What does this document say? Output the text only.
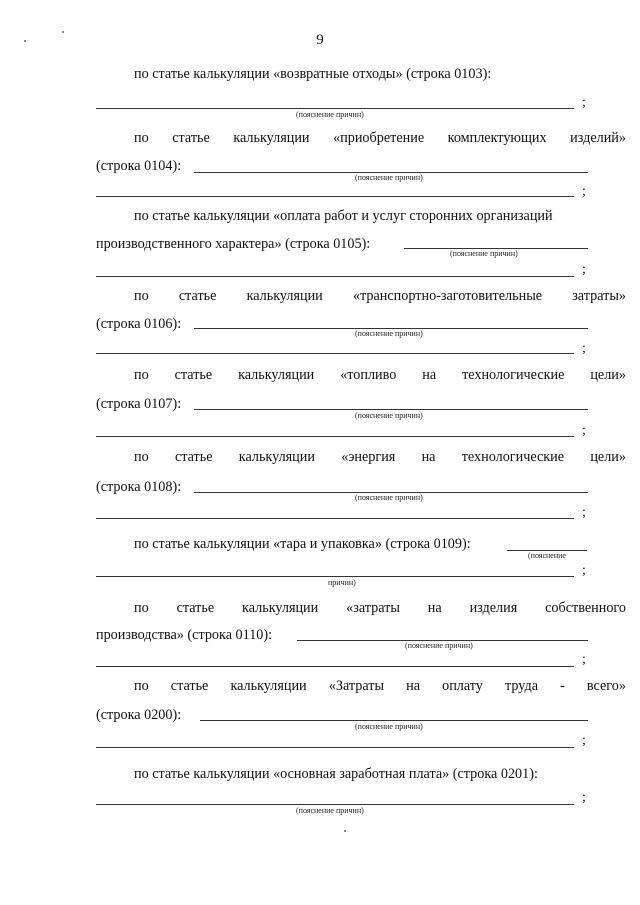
9
по статье калькуляции «возвратные отходы» (строка 0103):
(пояснение причин)
;
по статье калькуляции «приобретение комплектующих изделий»
(строка 0104):
(пояснение причин)
;
по статье калькуляции «оплата работ и услуг сторонних организаций
производственного характера» (строка 0105):
(пояснение причин)
;
по статье калькуляции «транспортно-заготовительные затраты»
(строка 0106):
(пояснение причин)
;
по статье калькуляции «топливо на технологические цели»
(строка 0107):
(пояснение причин)
;
по статье калькуляции «энергия на технологические цели»
(строка 0108):
(пояснение причин)
;
по статье калькуляции «тара и упаковка» (строка 0109):
(пояснение
причин)
;
по статье калькуляции «затраты на изделия собственного
производства» (строка 0110):
(пояснение причин)
;
по статье калькуляции «Затраты на оплату труда - всего»
(строка 0200):
(пояснение причин)
;
по статье калькуляции «основная заработная плата» (строка 0201):
(пояснение причин)
;
